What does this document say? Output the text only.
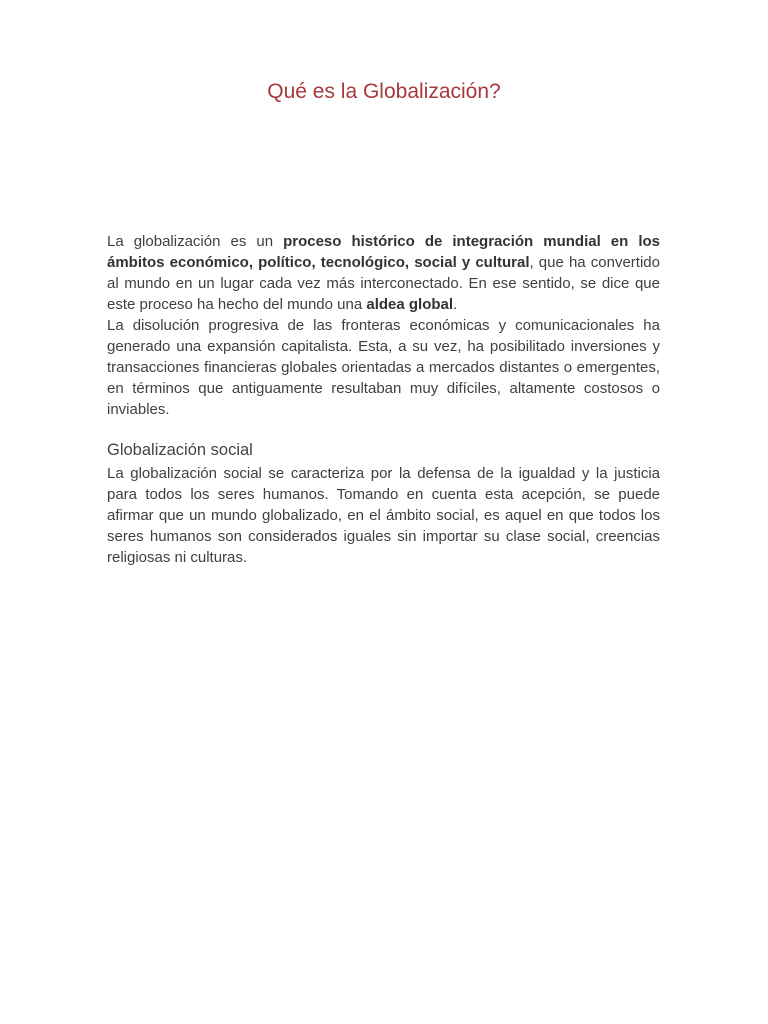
Qué es la Globalización?

La globalización es un proceso histórico de integración mundial en los ámbitos económico, político, tecnológico, social y cultural, que ha convertido al mundo en un lugar cada vez más interconectado. En ese sentido, se dice que este proceso ha hecho del mundo una aldea global.

La disolución progresiva de las fronteras económicas y comunicacionales ha generado una expansión capitalista. Esta, a su vez, ha posibilitado inversiones y transacciones financieras globales orientadas a mercados distantes o emergentes, en términos que antiguamente resultaban muy difíciles, altamente costosos o inviables.

Globalización social

La globalización social se caracteriza por la defensa de la igualdad y la justicia para todos los seres humanos. Tomando en cuenta esta acepción, se puede afirmar que un mundo globalizado, en el ámbito social, es aquel en que todos los seres humanos son considerados iguales sin importar su clase social, creencias religiosas ni culturas.
